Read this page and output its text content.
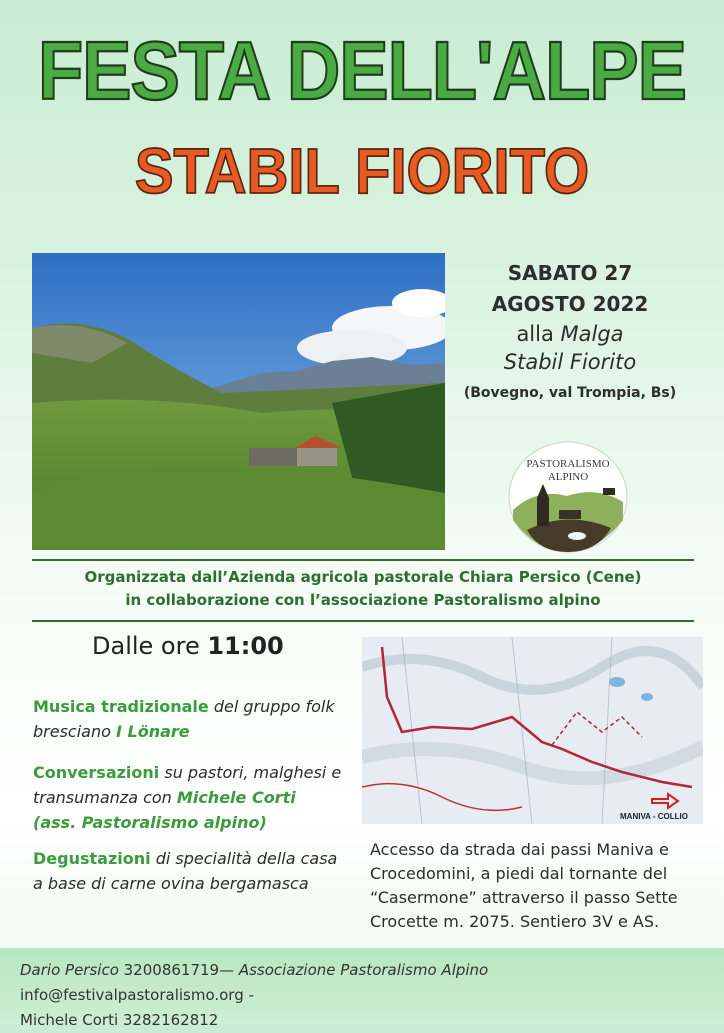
FESTA DELL'ALPE
STABIL FIORITO
SABATO 27
AGOSTO 2022
alla Malga
Stabil Fiorito
(Bovegno, val Trompia, Bs)
PASTORALISMO
ALPINO
Organizzata dall’Azienda agricola pastorale Chiara Persico (Cene)
in collaborazione con l’associazione Pastoralismo alpino
Dalle ore 11:00
Musica tradizionale del gruppo folk
bresciano I Lönare
Conversazioni su pastori, malghesi e
transumanza con Michele Corti
(ass. Pastoralismo alpino)
Degustazioni di specialità della casa
a base di carne ovina bergamasca
MANIVA - COLLIO
Accesso da strada dai passi Maniva e
Crocedomini, a piedi dal tornante del
“Casermone” attraverso il passo Sette
Crocette m. 2075. Sentiero 3V e AS.
Dario Persico 3200861719— Associazione Pastoralismo Alpino info@festivalpastoralismo.org -
Michele Corti 3282162812
